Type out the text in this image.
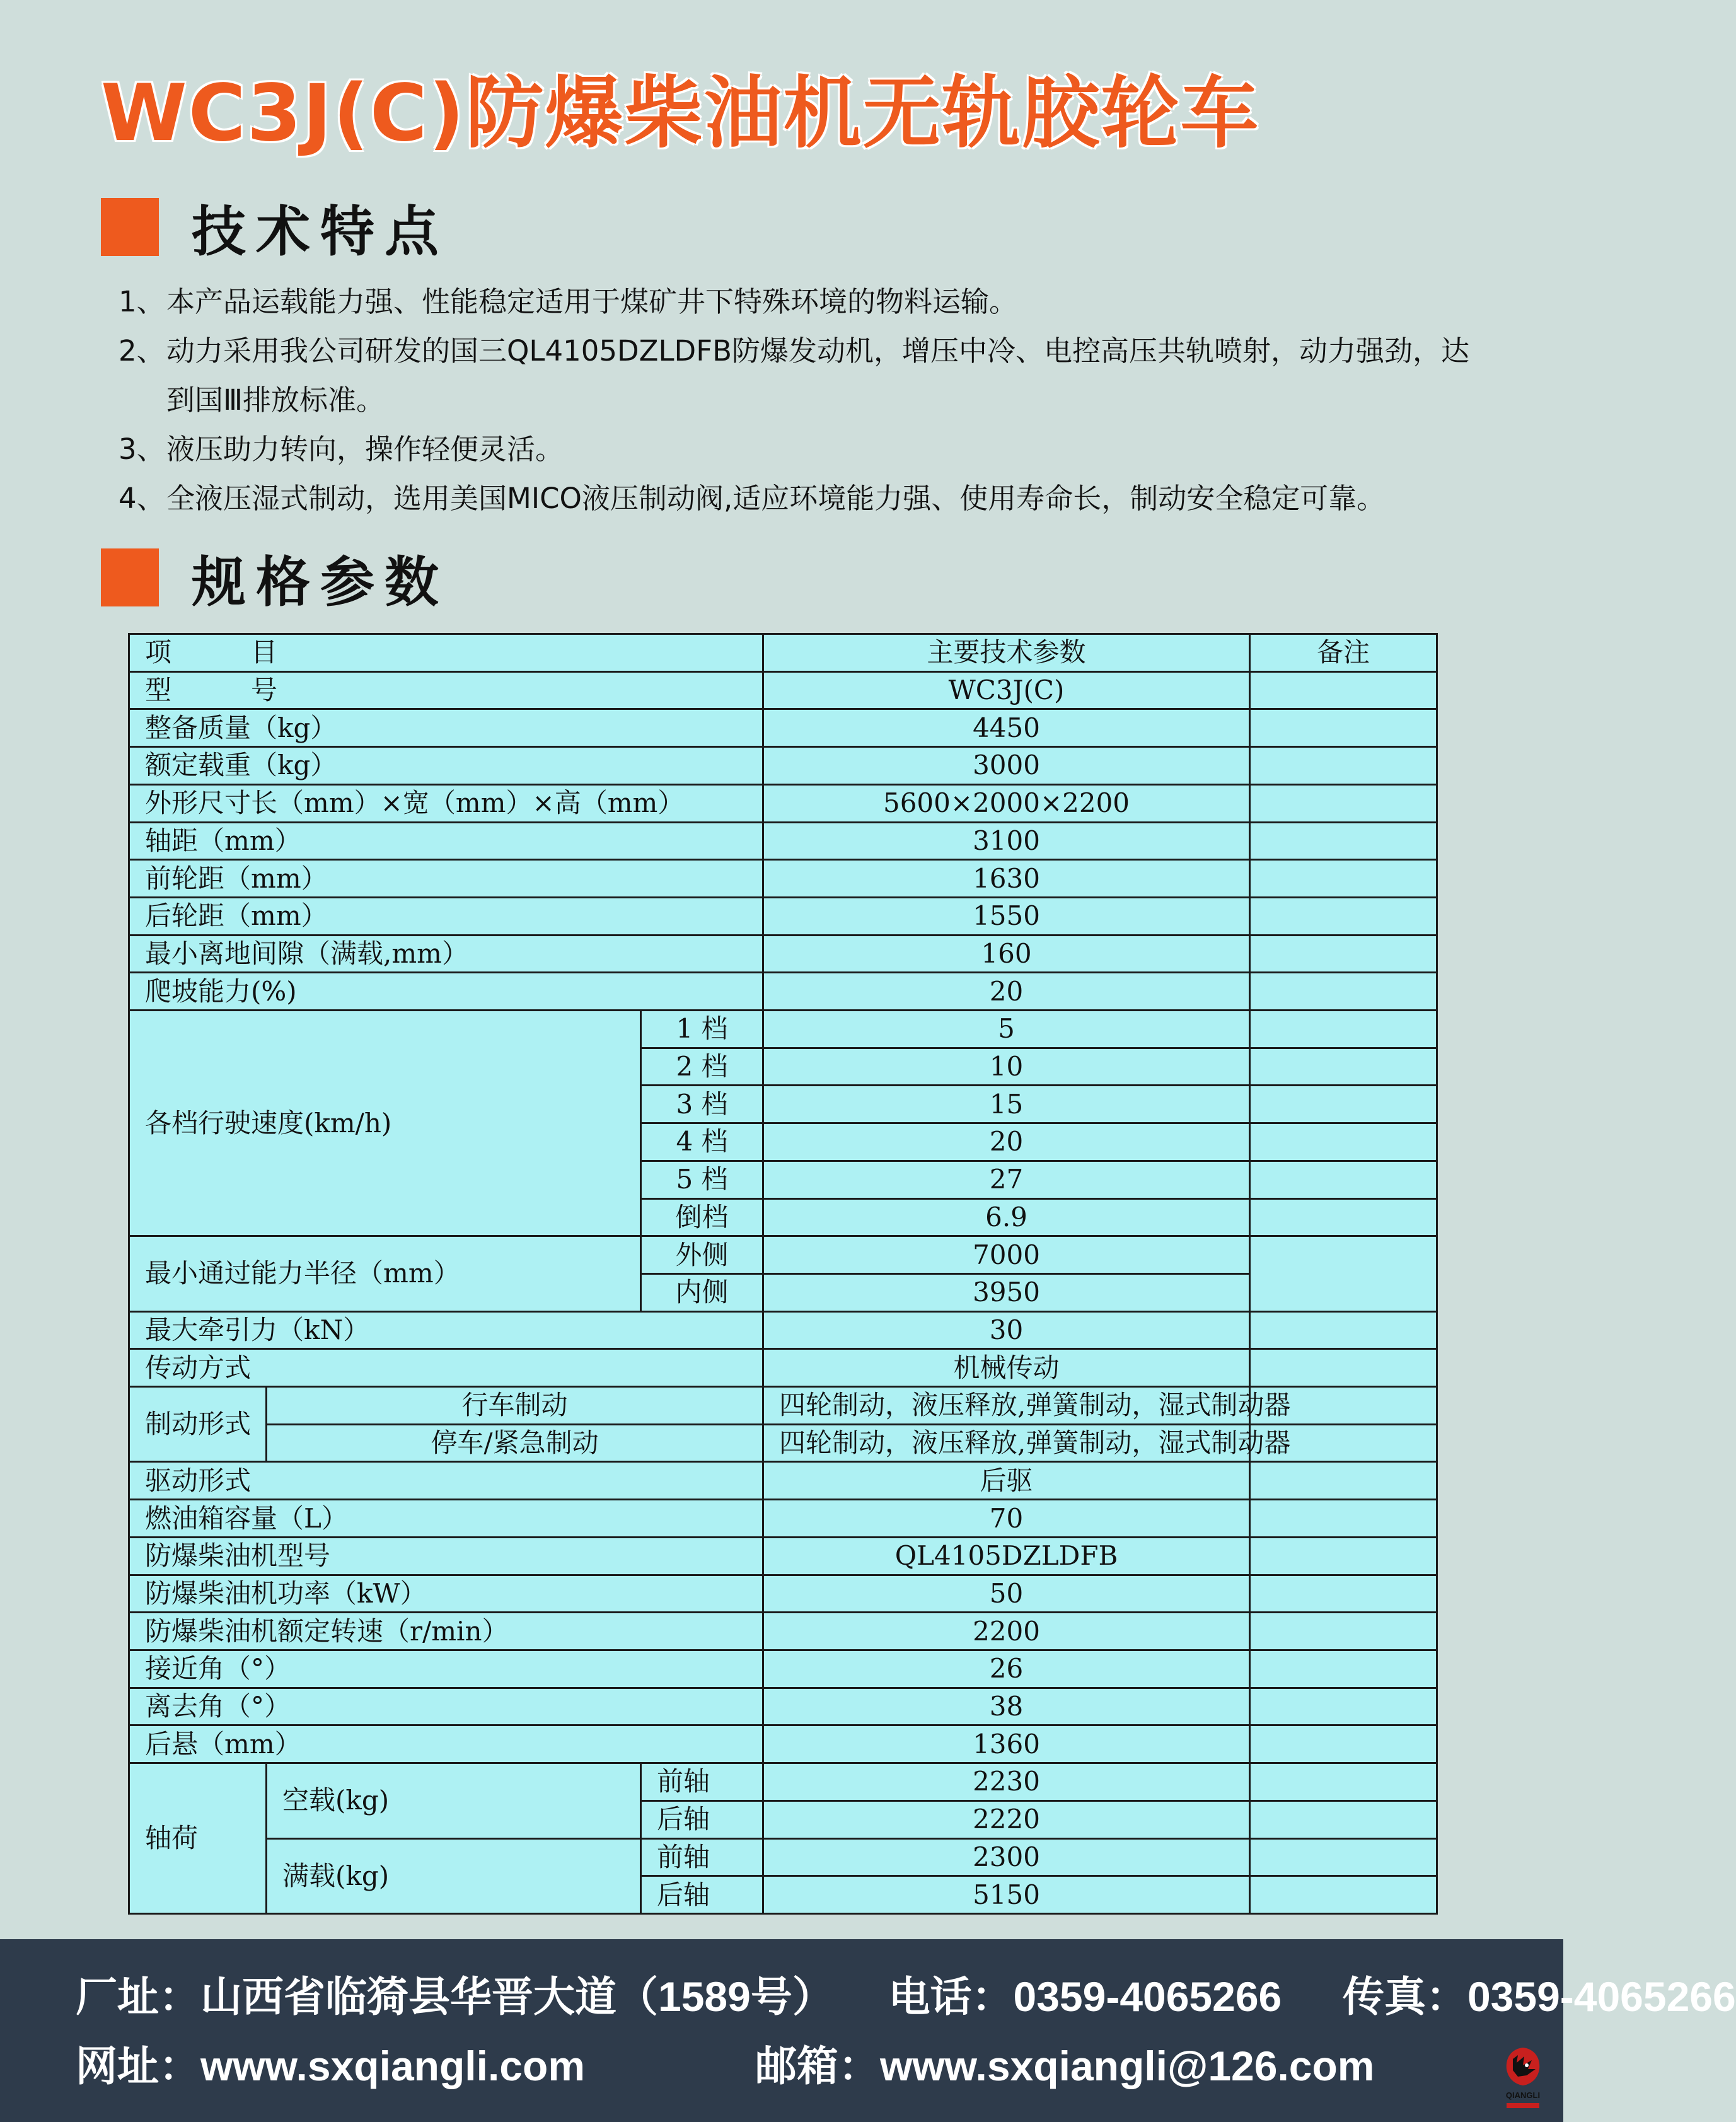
WC3J(C)防爆柴油机无轨胶轮车
技术特点
1、 本产品运载能力强、性能稳定适用于煤矿井下特殊环境的物料运输。
2、 动力采用我公司研发的国三QL4105DZLDFB防爆发动机，增压中冷、电控高压共轨喷射，动力强劲，达到国Ⅲ排放标准。
3、 液压助力转向，操作轻便灵活。
4、 全液压湿式制动，选用美国MICO液压制动阀,适应环境能力强、使用寿命长，制动安全稳定可靠。
规格参数
项　　　目			主要技术参数	备注
型　　　号			WC3J(C)	
整备质量（kg）			4450	
额定载重（kg）			3000	
外形尺寸长（mm）×宽（mm）×高（mm）			5600×2000×2200	
轴距（mm）			3100	
前轮距（mm）			1630	
后轮距（mm）			1550	
最小离地间隙（满载,mm）			160	
爬坡能力(%)			20	
各档行驶速度(km/h)		1 档	5	
		2 档	10	
		3 档	15	
		4 档	20	
		5 档	27	
		倒档	6.9	
最小通过能力半径（mm）		外侧	7000	
		内侧	3950	
最大牵引力（kN）			30	
传动方式			机械传动	
制动形式	行车制动		四轮制动，液压释放,弹簧制动，湿式制动器	
	停车/紧急制动		四轮制动，液压释放,弹簧制动，湿式制动器	
驱动形式			后驱	
燃油箱容量（L）			70	
防爆柴油机型号			QL4105DZLDFB	
防爆柴油机功率（kW）			50	
防爆柴油机额定转速（r/min）			2200	
接近角（°）			26	
离去角（°）			38	
后悬（mm）			1360	
轴荷	空载(kg)	前轴	2230	
		后轴	2220	
	满载(kg)	前轴	2300	
		后轴	5150	
厂址：山西省临猗县华晋大道（1589号） 电话：0359-4065266 传真：0359-4065266
网址：www.sxqiangli.com	邮箱：www.sxqiangli@126.com
QIANGLI
